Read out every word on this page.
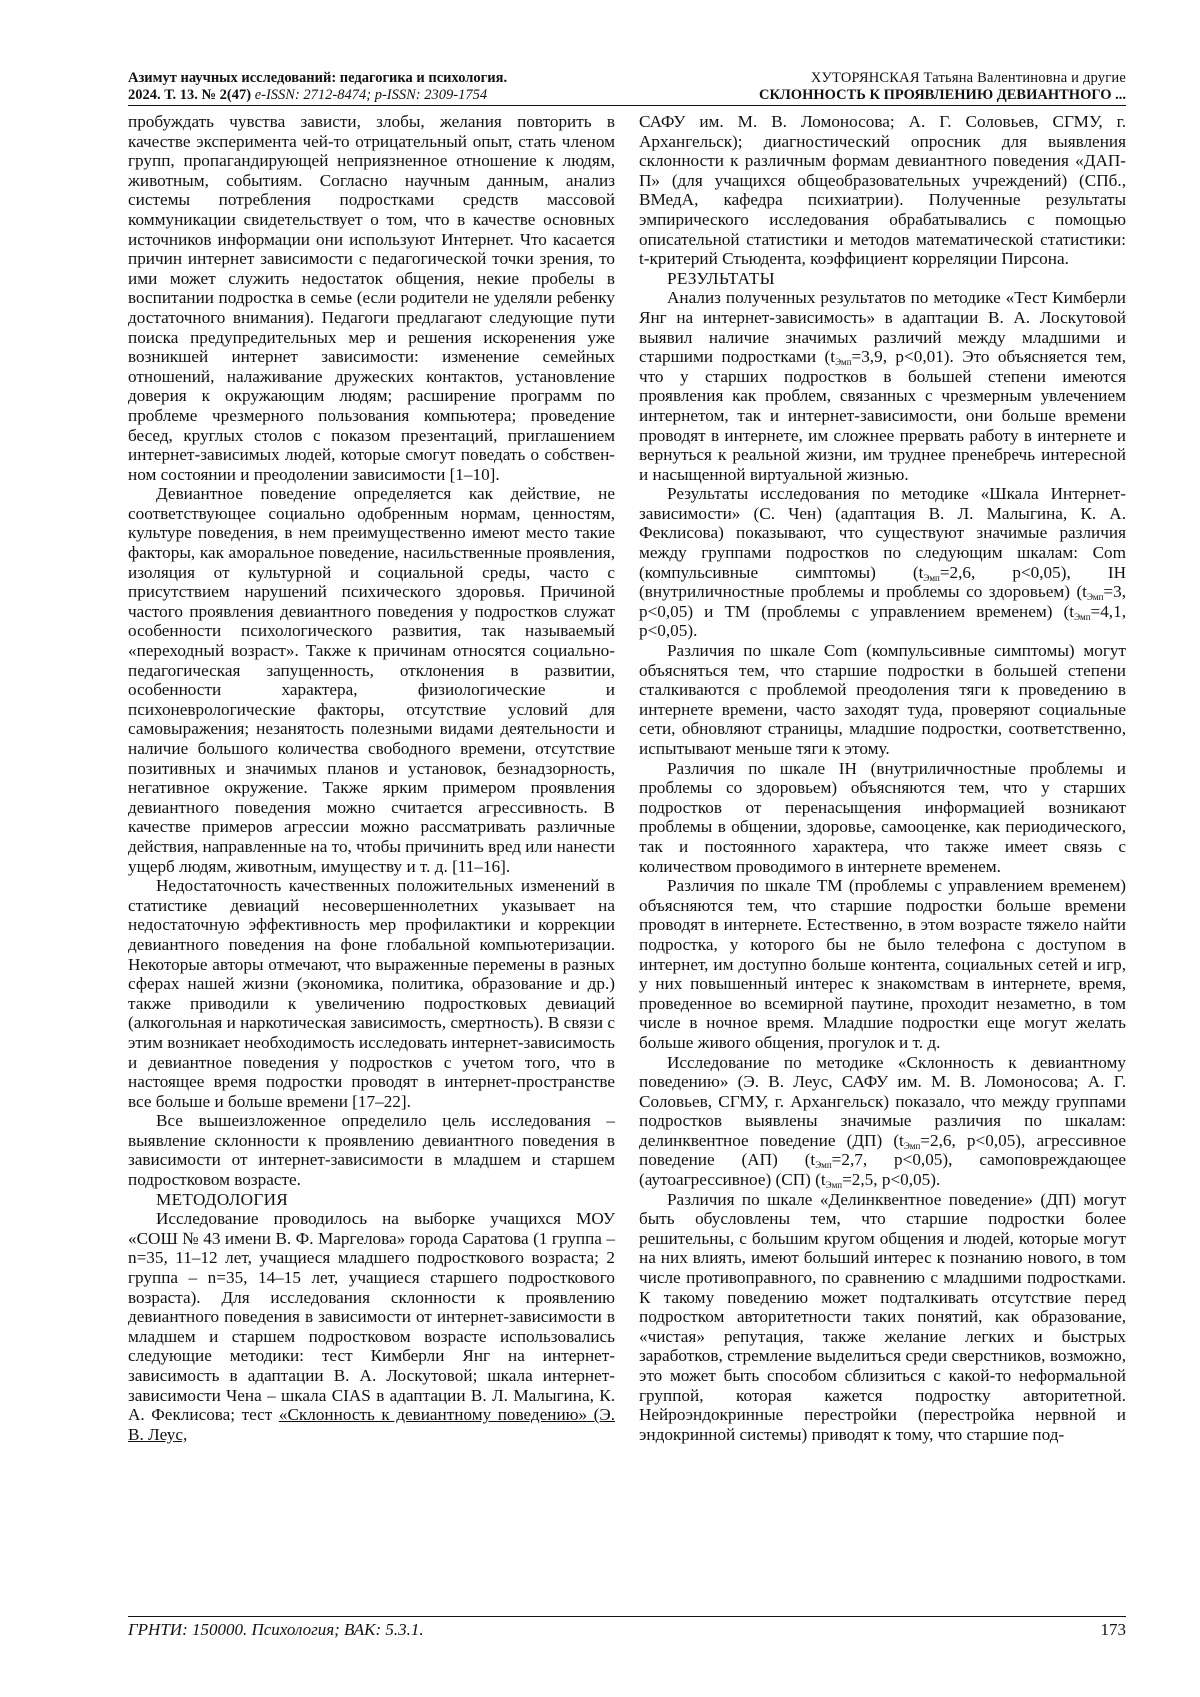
Азимут научных исследований: педагогика и психология.
2024. Т. 13. № 2(47) e-ISSN: 2712-8474; p-ISSN: 2309-1754
ХУТОРЯНСКАЯ Татьяна Валентиновна и другие
СКЛОННОСТЬ К ПРОЯВЛЕНИЮ ДЕВИАНТНОГО ...

пробуждать чувства зависти, злобы, желания повторить в качестве эксперимента чей-то отрицательный опыт, стать членом групп, пропагандирующей неприязненное отношение к людям, животным, событиям. Согласно научным данным, анализ системы потребления подростками средств массовой коммуникации свидетельствует о том, что в качестве основных источников информации они используют Интернет. Что касается причин интернет зависимости с педагогической точки зрения, то ими может служить недостаток общения, некие пробелы в воспитании подростка в семье (если родители не уделяли ребенку достаточного внимания). Педагоги предлагают следующие пути поиска предупредительных мер и решения искоренения уже возникшей интернет зависимости: изменение семейных отношений, налаживание дружеских контактов, установление доверия к окружающим людям; расширение программ по проблеме чрезмерного пользования компьютера; проведение бесед, круглых столов с показом презентаций, приглашением интернет-зависимых людей, которые смогут поведать о собственном состоянии и преодолении зависимости [1–10].

Девиантное поведение определяется как действие, не соответствующее социально одобренным нормам, ценностям, культуре поведения, в нем преимущественно имеют место такие факторы, как аморальное поведение, насильственные проявления, изоляция от культурной и социальной среды, часто с присутствием нарушений психического здоровья. Причиной частого проявления девиантного поведения у подростков служат особенности психологического развития, так называемый «переходный возраст». Также к причинам относятся социально-педагогическая запущенность, отклонения в развитии, особенности характера, физиологические и психоневрологические факторы, отсутствие условий для самовыражения; незанятость полезными видами деятельности и наличие большого количества свободного времени, отсутствие позитивных и значимых планов и установок, безнадзорность, негативное окружение. Также ярким примером проявления девиантного поведения можно считается агрессивность. В качестве примеров агрессии можно рассматривать различные действия, направленные на то, чтобы причинить вред или нанести ущерб людям, животным, имуществу и т. д. [11–16].

Недостаточность качественных положительных изменений в статистике девиаций несовершеннолетних указывает на недостаточную эффективность мер профилактики и коррекции девиантного поведения на фоне глобальной компьютеризации. Некоторые авторы отмечают, что выраженные перемены в разных сферах нашей жизни (экономика, политика, образование и др.) также приводили к увеличению подростковых девиаций (алкогольная и наркотическая зависимость, смертность). В связи с этим возникает необходимость исследовать интернет-зависимость и девиантное поведения у подростков с учетом того, что в настоящее время подростки проводят в интернет-пространстве все больше и больше времени [17–22].

Все вышеизложенное определило цель исследования – выявление склонности к проявлению девиантного поведения в зависимости от интернет-зависимости в младшем и старшем подростковом возрасте.

МЕТОДОЛОГИЯ

Исследование проводилось на выборке учащихся МОУ «СОШ № 43 имени В. Ф. Маргелова» города Саратова (1 группа – n=35, 11–12 лет, учащиеся младшего подросткового возраста; 2 группа – n=35, 14–15 лет, учащиеся старшего подросткового возраста). Для исследования склонности к проявлению девиантного поведения в зависимости от интернет-зависимости в младшем и старшем подростковом возрасте использовались следующие методики: тест Кимберли Янг на интернет-зависимость в адаптации В. А. Лоскутовой; шкала интернет-зависимости Чена – шкала CIAS в адаптации В. Л. Малыгина, К. А. Феклисова; тест «Склонность к девиантному поведению» (Э. В. Леус,

САФУ им. М. В. Ломоносова; А. Г. Соловьев, СГМУ, г. Архангельск); диагностический опросник для выявления склонности к различным формам девиантного поведения «ДАП-П» (для учащихся общеобразовательных учреждений) (СПб., ВМедА, кафедра психиатрии). Полученные результаты эмпирического исследования обрабатывались с помощью описательной статистики и методов математической статистики: t-критерий Стьюдента, коэффициент корреляции Пирсона.

РЕЗУЛЬТАТЫ

Анализ полученных результатов по методике «Тест Кимберли Янг на интернет-зависимость» в адаптации В. А. Лоскутовой выявил наличие значимых различий между младшими и старшими подростками ($t_{Эмп}=3,9$, p<0,01). Это объясняется тем, что у старших подростков в большей степени имеются проявления как проблем, связанных с чрезмерным увлечением интернетом, так и интернет-зависимости, они больше времени проводят в интернете, им сложнее прервать работу в интернете и вернуться к реальной жизни, им труднее пренебречь интересной и насыщенной виртуальной жизнью.

Результаты исследования по методике «Шкала Интернет-зависимости» (С. Чен) (адаптация В. Л. Малыгина, К. А. Феклисова) показывают, что существуют значимые различия между группами подростков по следующим шкалам: Com (компульсивные симптомы) ($t_{Эмп}=2,6$, p<0,05), IH (внутриличностные проблемы и проблемы со здоровьем) ($t_{Эмп}=3$, p<0,05) и TM (проблемы с управлением временем) ($t_{Эмп}=4,1$, p<0,05).

Различия по шкале Com (компульсивные симптомы) могут объясняться тем, что старшие подростки в большей степени сталкиваются с проблемой преодоления тяги к проведению в интернете времени, часто заходят туда, проверяют социальные сети, обновляют страницы, младшие подростки, соответственно, испытывают меньше тяги к этому.

Различия по шкале IH (внутриличностные проблемы и проблемы со здоровьем) объясняются тем, что у старших подростков от перенасыщения информацией возникают проблемы в общении, здоровье, самооценке, как периодического, так и постоянного характера, что также имеет связь с количеством проводимого в интернете временем.

Различия по шкале TM (проблемы с управлением временем) объясняются тем, что старшие подростки больше времени проводят в интернете. Естественно, в этом возрасте тяжело найти подростка, у которого бы не было телефона с доступом в интернет, им доступно больше контента, социальных сетей и игр, у них повышенный интерес к знакомствам в интернете, время, проведенное во всемирной паутине, проходит незаметно, в том числе в ночное время. Младшие подростки еще могут желать больше живого общения, прогулок и т. д.

Исследование по методике «Склонность к девиантному поведению» (Э. В. Леус, САФУ им. М. В. Ломоносова; А. Г. Соловьев, СГМУ, г. Архангельск) показало, что между группами подростков выявлены значимые различия по шкалам: делинквентное поведение (ДП) ($t_{Эмп}=2,6$, p<0,05), агрессивное поведение (АП) ($t_{Эмп}=2,7$, p<0,05), самоповреждающее (аутоагрессивное) (СП) ($t_{Эмп}=2,5$, p<0,05).

Различия по шкале «Делинквентное поведение» (ДП) могут быть обусловлены тем, что старшие подростки более решительны, с большим кругом общения и людей, которые могут на них влиять, имеют больший интерес к познанию нового, в том числе противоправного, по сравнению с младшими подростками. К такому поведению может подталкивать отсутствие перед подростком авторитетности таких понятий, как образование, «чистая» репутация, также желание легких и быстрых заработков, стремление выделиться среди сверстников, возможно, это может быть способом сблизиться с какой-то неформальной группой, которая кажется подростку авторитетной. Нейроэндокринные перестройки (перестройка нервной и эндокринной системы) приводят к тому, что старшие под-

ГРНТИ: 150000. Психология; ВАК: 5.3.1.	173
